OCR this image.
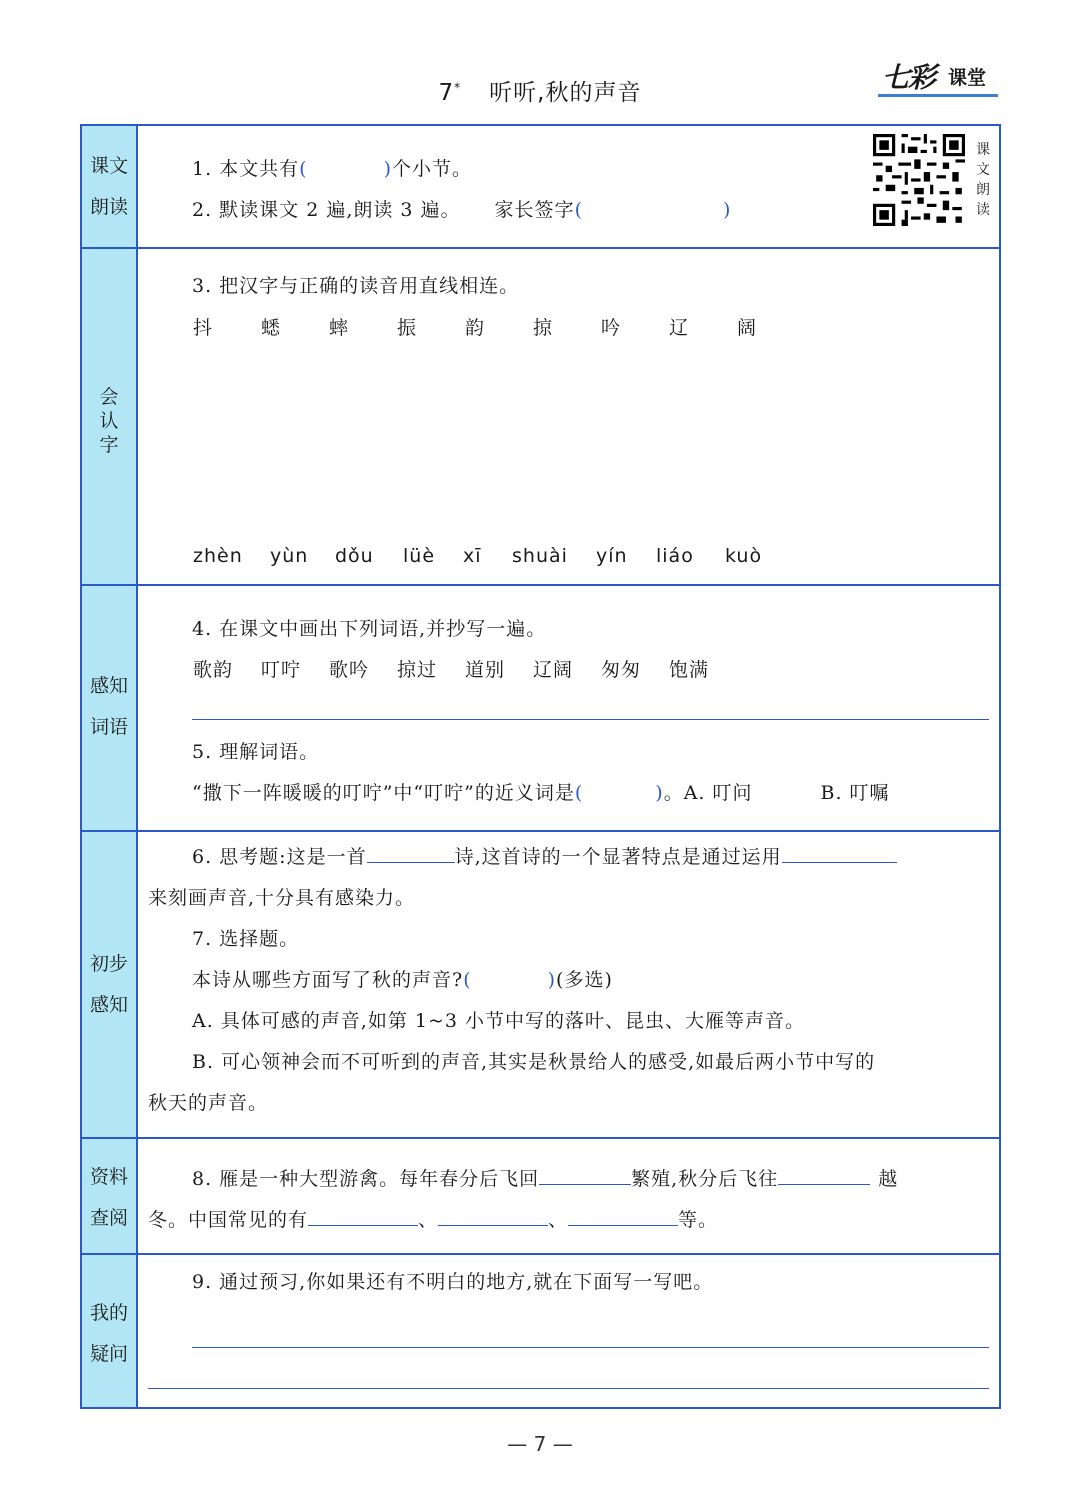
7* 听听,秋的声音	七彩 课堂
课文
朗读
1. 本文共有(	)个小节。
2. 默读课文 2 遍,朗读 3 遍。 家长签字(	)
会
认
字
3. 把汉字与正确的读音用直线相连。
抖	蟋	蟀	振	韵	掠	吟	辽	阔
zhèn yùn dǒu lüè xī shuài yín liáo kuò
感知
词语
4. 在课文中画出下列词语,并抄写一遍。
歌韵 叮咛 歌吟 掠过 道别 辽阔 匆匆 饱满
5. 理解词语。
“撒下一阵暖暖的叮咛”中“叮咛”的近义词是(	)。A. 叮问	B. 叮嘱
初步
感知
6. 思考题:这是一首	诗,这首诗的一个显著特点是通过运用
来刻画声音,十分具有感染力。
7. 选择题。
本诗从哪些方面写了秋的声音?(	)(多选)
A. 具体可感的声音,如第 1~3 小节中写的落叶、昆虫、大雁等声音。
B. 可心领神会而不可听到的声音,其实是秋景给人的感受,如最后两小节中写的
秋天的声音。
资料
查阅
8. 雁是一种大型游禽。每年春分后飞回	繁殖,秋分后飞往	越
冬。中国常见的有	、	、	等。
我的
疑问
9. 通过预习,你如果还有不明白的地方,就在下面写一写吧。
课
文
朗
读
— 7 —
